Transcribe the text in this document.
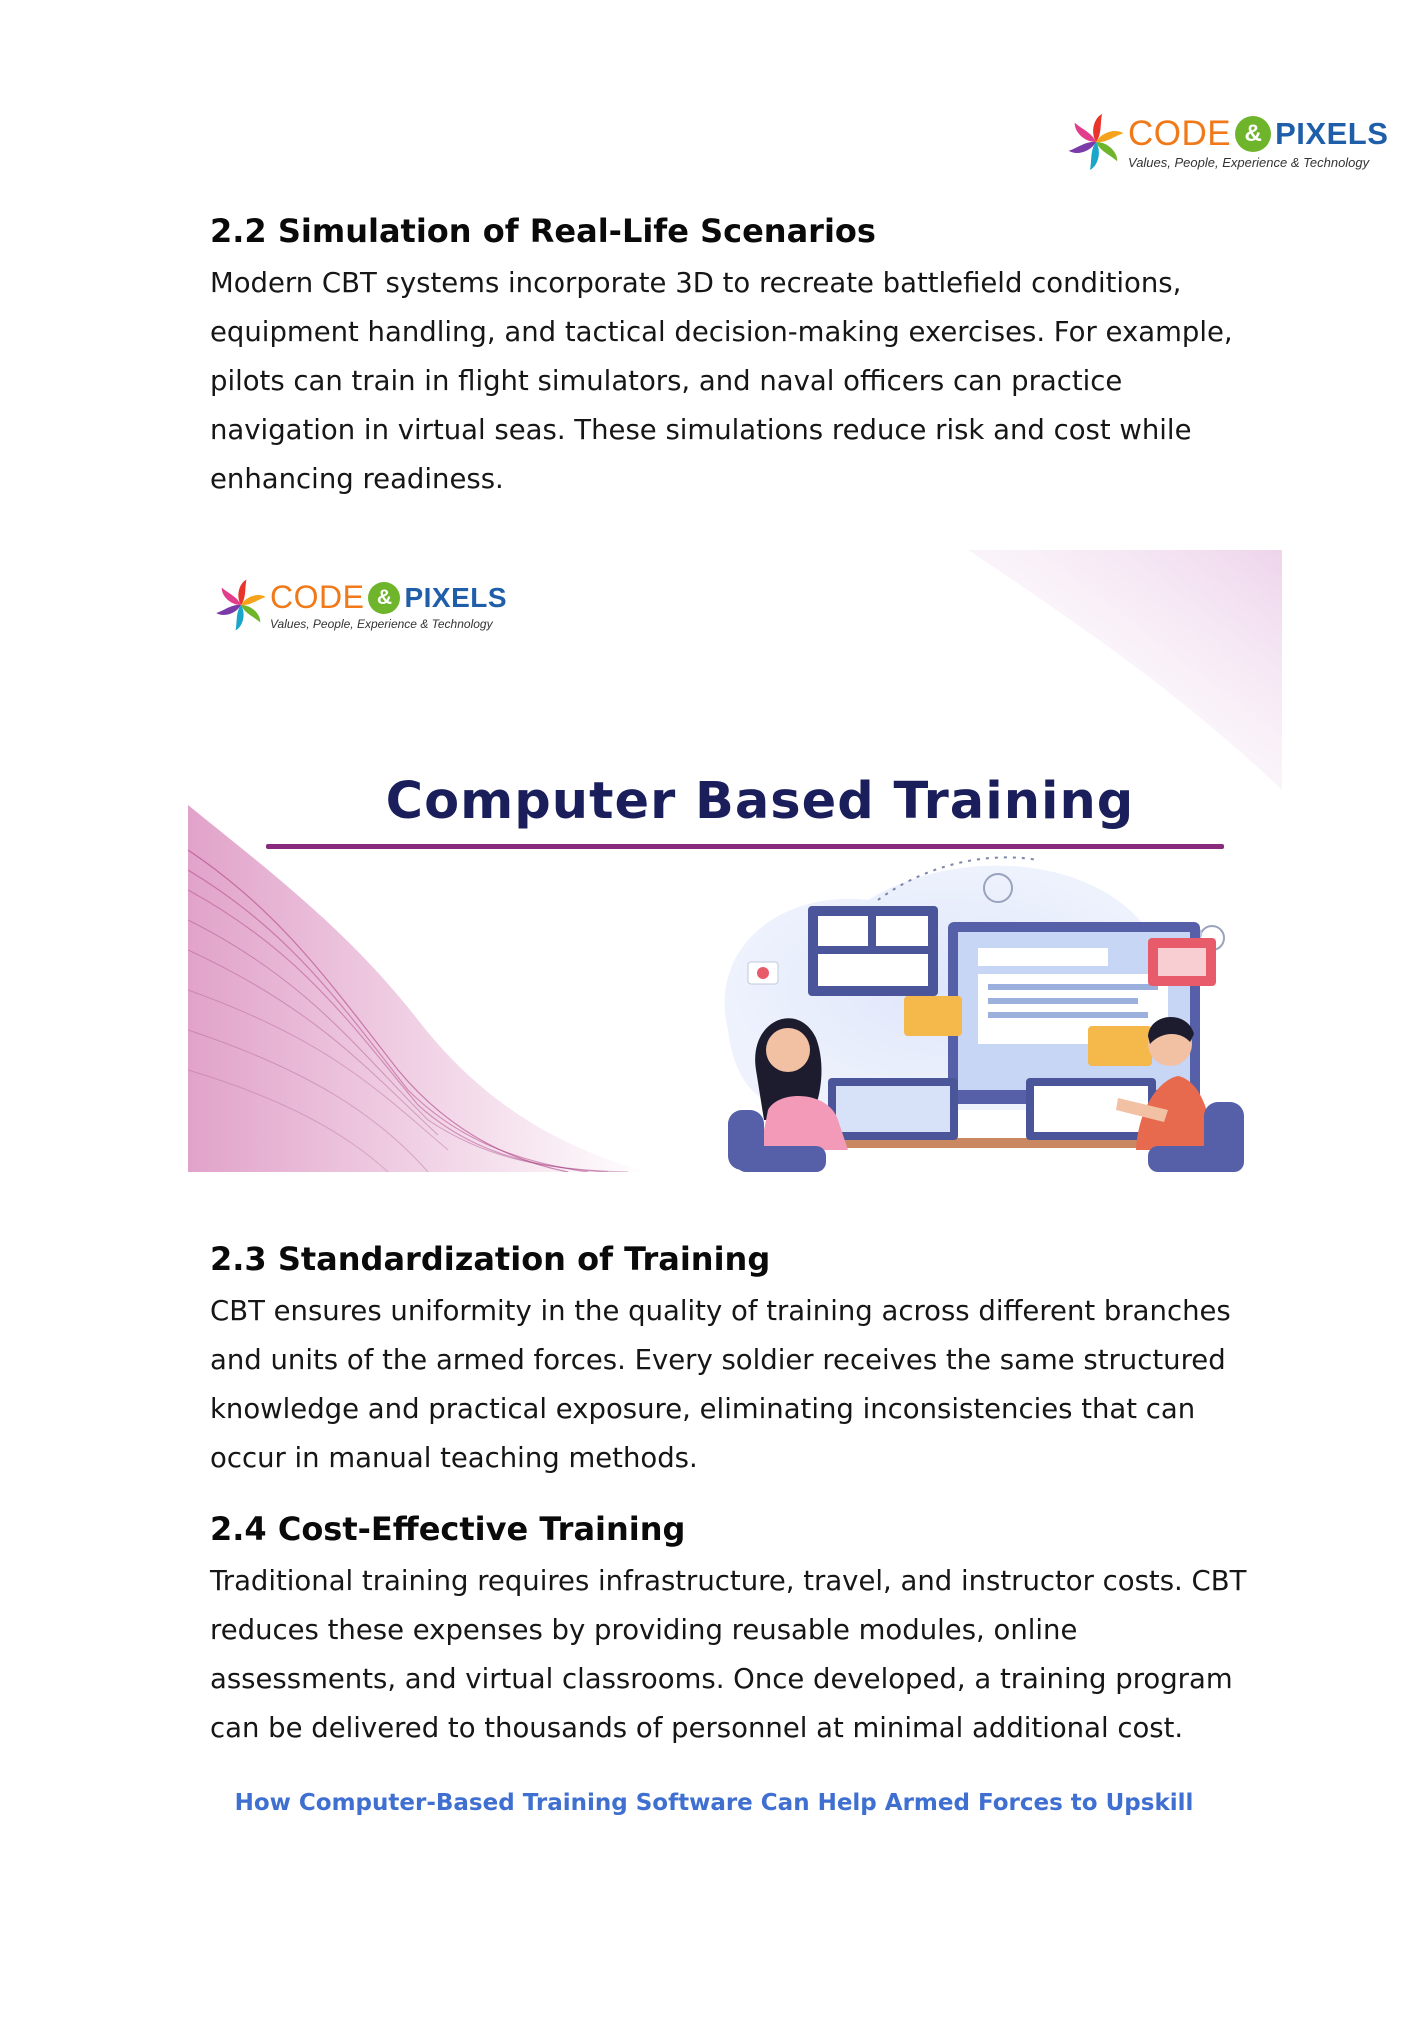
CODE & PIXELS
Values, People, Experience & Technology
2.2 Simulation of Real-Life Scenarios

Modern CBT systems incorporate 3D to recreate battlefield conditions,
equipment handling, and tactical decision-making exercises. For example,
pilots can train in flight simulators, and naval officers can practice
navigation in virtual seas. These simulations reduce risk and cost while
enhancing readiness.

CODE & PIXELS
Values, People, Experience & Technology
Computer Based Training
2.3 Standardization of Training

CBT ensures uniformity in the quality of training across different branches
and units of the armed forces. Every soldier receives the same structured
knowledge and practical exposure, eliminating inconsistencies that can
occur in manual teaching methods.

2.4 Cost-Effective Training

Traditional training requires infrastructure, travel, and instructor costs. CBT
reduces these expenses by providing reusable modules, online
assessments, and virtual classrooms. Once developed, a training program
can be delivered to thousands of personnel at minimal additional cost.

How Computer-Based Training Software Can Help Armed Forces to Upskill
